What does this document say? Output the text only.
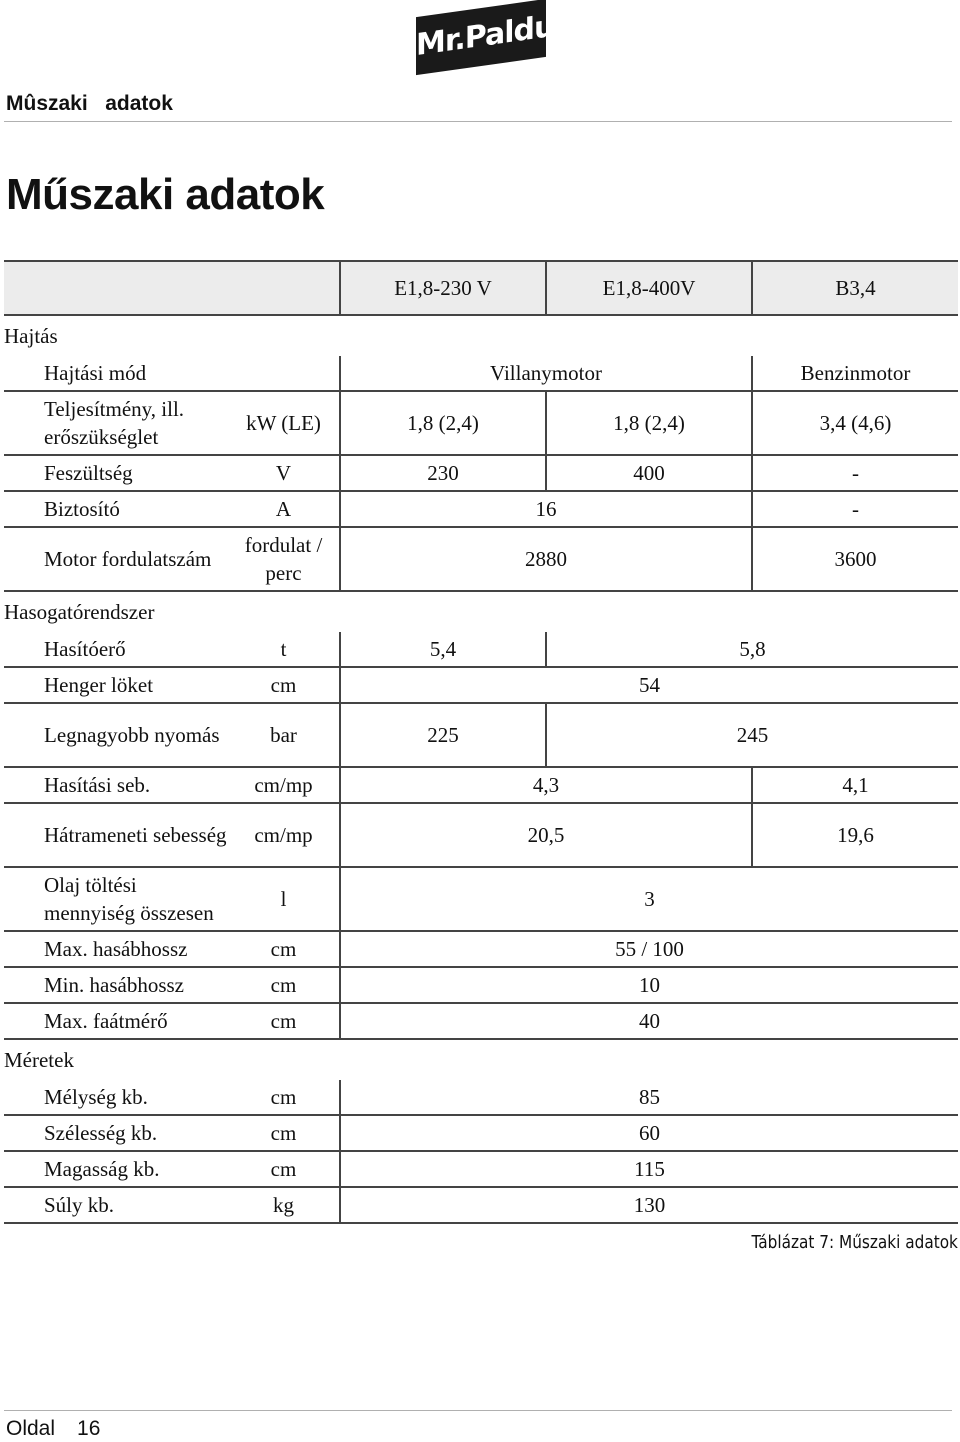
Mr.Paldu
Mûszaki   adatok
Műszaki adatok
		E1,8-230 V	E1,8-400V	B3,4
Hajtás				
Hajtási mód		Villanymotor		Benzinmotor
Teljesítmény, ill. erőszükséglet	kW (LE)	1,8 (2,4)	1,8 (2,4)	3,4 (4,6)
Feszültség	V	230	400	-
Biztosító	A	16		-
Motor fordulatszám	fordulat / perc	2880		3600
Hasogatórendszer				
Hasítóerő	t	5,4	5,8	
Henger löket	cm	54		
Legnagyobb nyomás	bar	225	245	
Hasítási seb.	cm/mp	4,3		4,1
Hátrameneti sebesség	cm/mp	20,5		19,6
Olaj töltési mennyiség összesen	l	3		
Max. hasábhossz	cm	55 / 100		
Min. hasábhossz	cm	10		
Max. faátmérő	cm	40		
Méretek				
Mélység kb.	cm	85		
Szélesség kb.	cm	60		
Magasság kb.	cm	115		
Súly kb.	kg	130		
Táblázat 7: Műszaki adatok
Oldal 16
